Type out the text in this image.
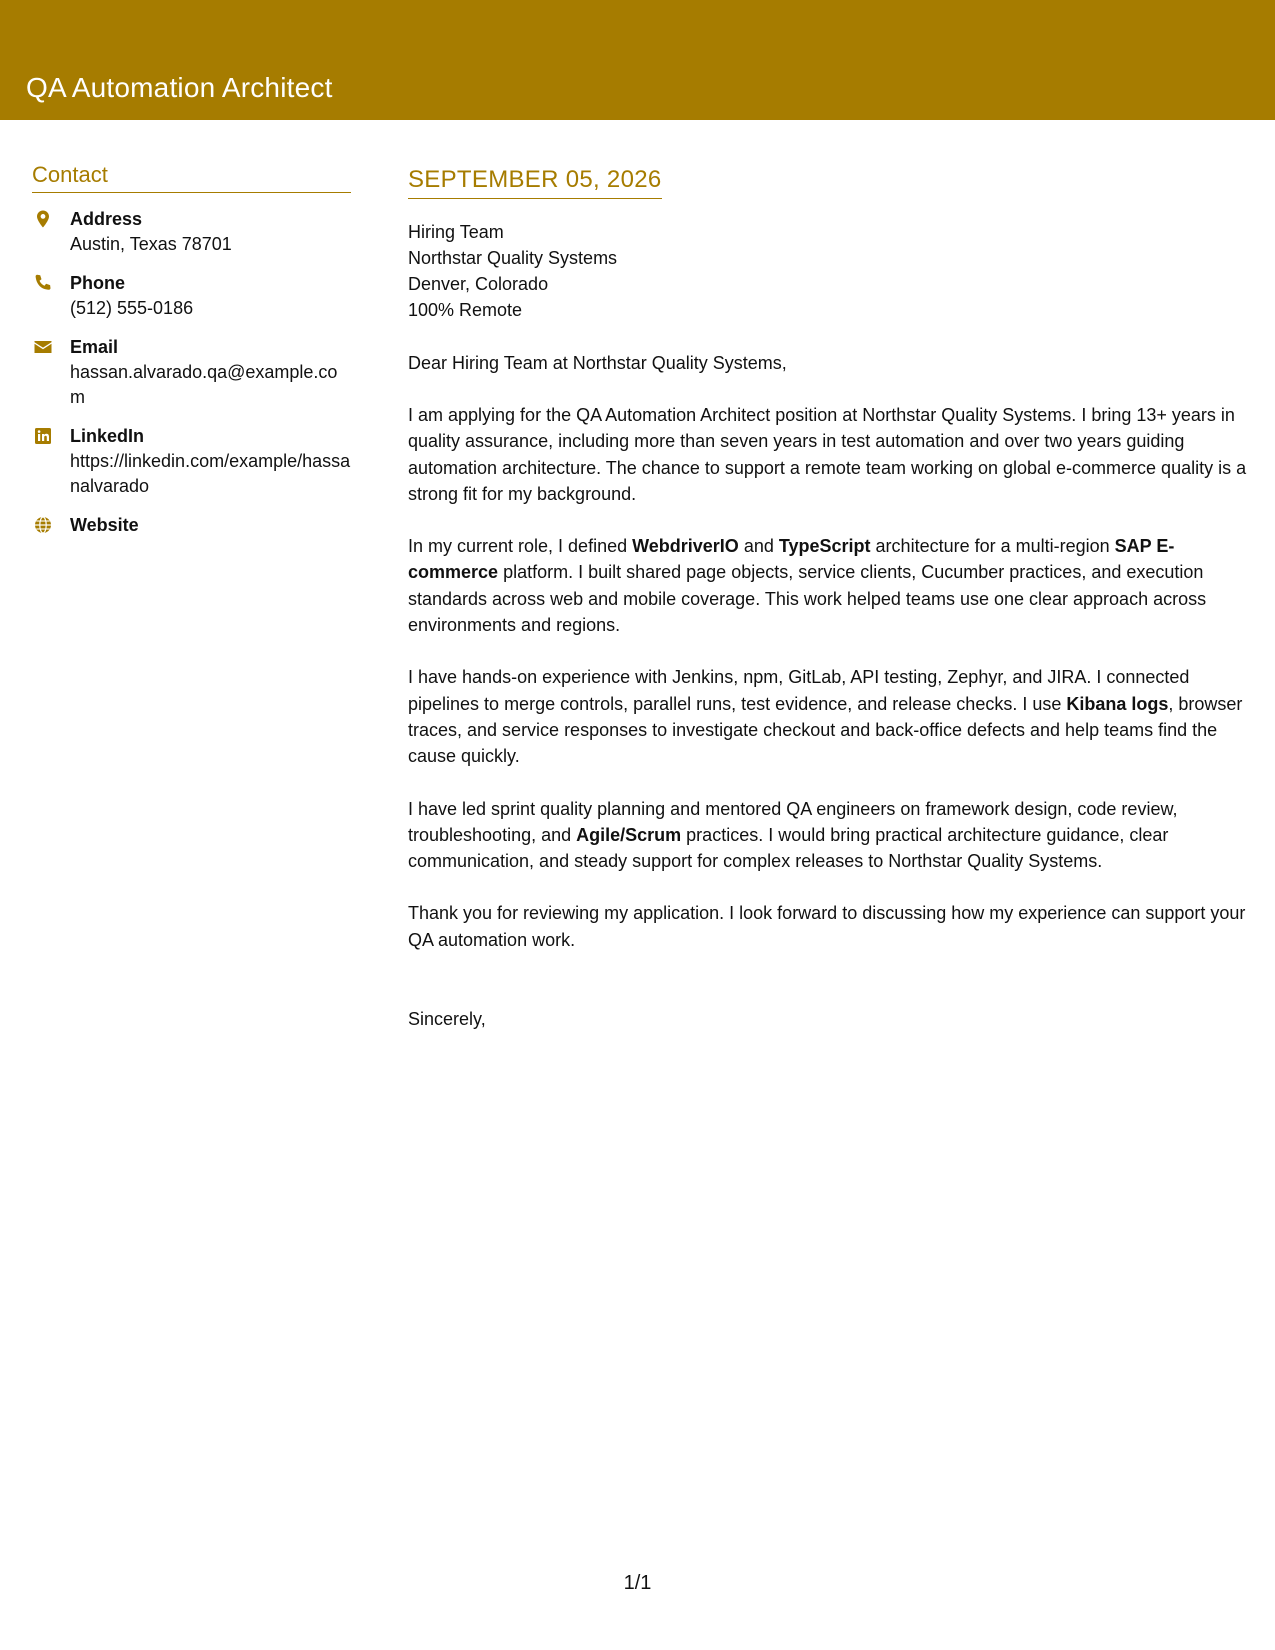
QA Automation Architect
Contact
Address
Austin, Texas 78701
Phone
(512) 555-0186
Email
hassan.alvarado.qa@example.com
LinkedIn
https://linkedin.com/example/hassanalvarado
Website
SEPTEMBER 05, 2026
Hiring Team
Northstar Quality Systems
Denver, Colorado
100% Remote
Dear Hiring Team at Northstar Quality Systems,

I am applying for the QA Automation Architect position at Northstar Quality Systems. I bring 13+ years in quality assurance, including more than seven years in test automation and over two years guiding automation architecture. The chance to support a remote team working on global e-commerce quality is a strong fit for my background.

In my current role, I defined WebdriverIO and TypeScript architecture for a multi-region SAP E-commerce platform. I built shared page objects, service clients, Cucumber practices, and execution standards across web and mobile coverage. This work helped teams use one clear approach across environments and regions.

I have hands-on experience with Jenkins, npm, GitLab, API testing, Zephyr, and JIRA. I connected pipelines to merge controls, parallel runs, test evidence, and release checks. I use Kibana logs, browser traces, and service responses to investigate checkout and back-office defects and help teams find the cause quickly.

I have led sprint quality planning and mentored QA engineers on framework design, code review, troubleshooting, and Agile/Scrum practices. I would bring practical architecture guidance, clear communication, and steady support for complex releases to Northstar Quality Systems.

Thank you for reviewing my application. I look forward to discussing how my experience can support your QA automation work.

Sincerely,
1/1
